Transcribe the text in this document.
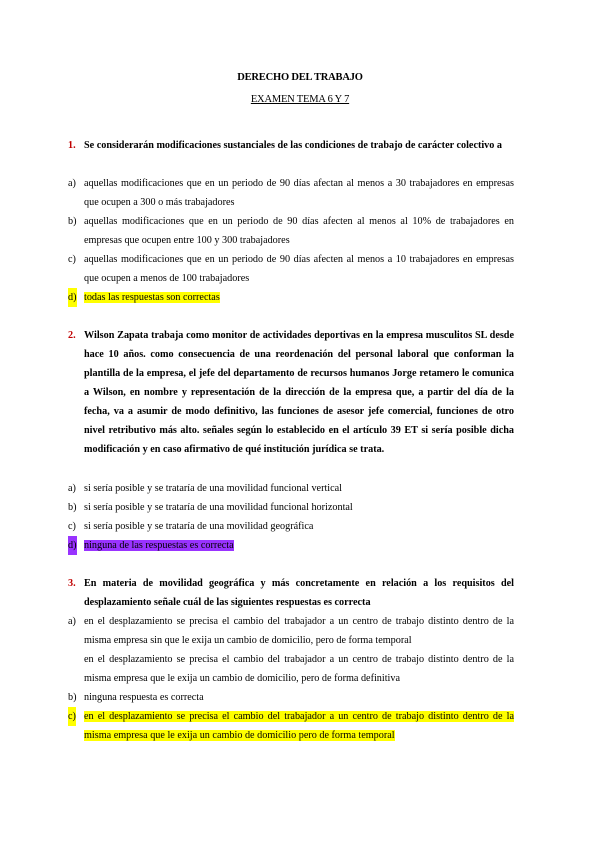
DERECHO DEL TRABAJO
EXAMEN TEMA 6 Y 7
1. Se considerarán modificaciones sustanciales de las condiciones de trabajo de carácter colectivo a
a) aquellas modificaciones que en un periodo de 90 días afectan al menos a 30 trabajadores en empresas que ocupen a 300 o más trabajadores
b) aquellas modificaciones que en un periodo de 90 días afecten al menos al 10% de trabajadores en empresas que ocupen entre 100 y 300 trabajadores
c) aquellas modificaciones que en un periodo de 90 días afecten al menos a 10 trabajadores en empresas que ocupen a menos de 100 trabajadores
d) todas las respuestas son correctas
2. Wilson Zapata trabaja como monitor de actividades deportivas en la empresa musculitos SL desde hace 10 años. como consecuencia de una reordenación del personal laboral que conforman la plantilla de la empresa, el jefe del departamento de recursos humanos Jorge retamero le comunica a Wilson, en nombre y representación de la dirección de la empresa que, a partir del día de la fecha, va a asumir de modo definitivo, las funciones de asesor jefe comercial, funciones de otro nivel retributivo más alto. señales según lo establecido en el artículo 39 ET si sería posible dicha modificación y en caso afirmativo de qué institución jurídica se trata.
a) si sería posible y se trataría de una movilidad funcional vertical
b) si sería posible y se trataría de una movilidad funcional horizontal
c) si sería posible y se trataría de una movilidad geográfica
d) ninguna de las respuestas es correcta
3. En materia de movilidad geográfica y más concretamente en relación a los requisitos del desplazamiento señale cuál de las siguientes respuestas es correcta
a) en el desplazamiento se precisa el cambio del trabajador a un centro de trabajo distinto dentro de la misma empresa sin que le exija un cambio de domicilio, pero de forma temporal
en el desplazamiento se precisa el cambio del trabajador a un centro de trabajo distinto dentro de la misma empresa que le exija un cambio de domicilio, pero de forma definitiva
b) ninguna respuesta es correcta
c) en el desplazamiento se precisa el cambio del trabajador a un centro de trabajo distinto dentro de la misma empresa que le exija un cambio de domicilio pero de forma temporal
